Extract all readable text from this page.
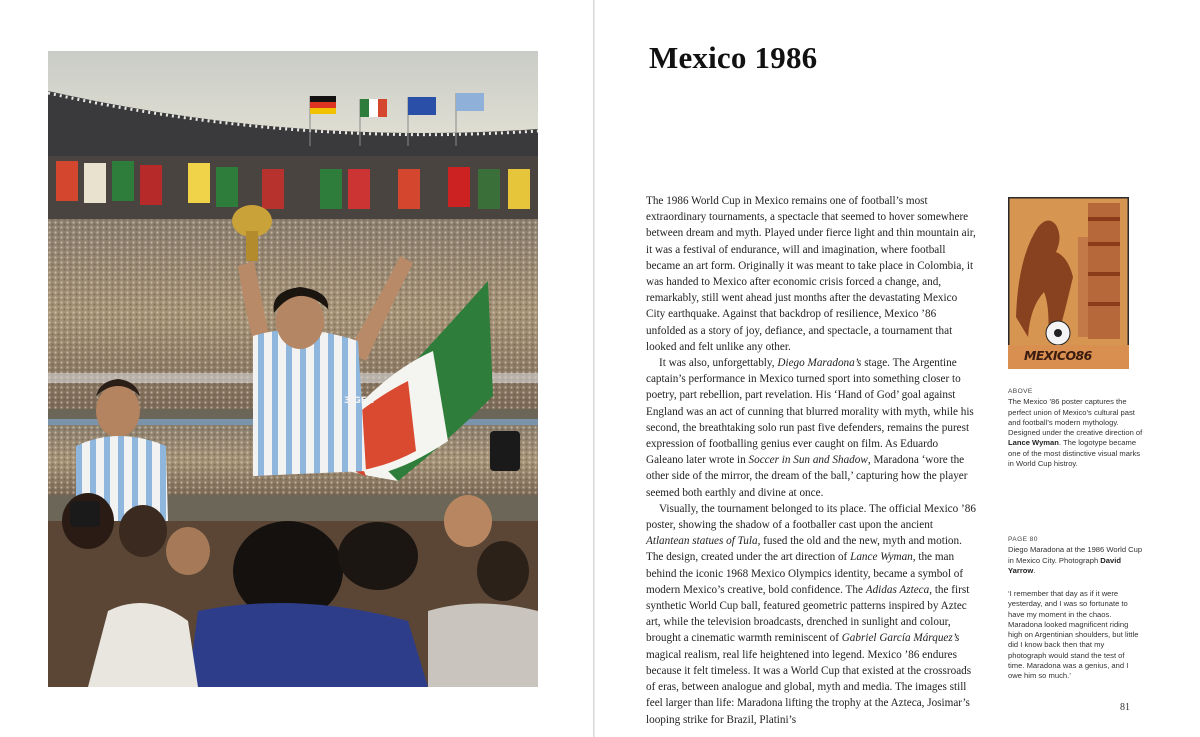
3 GFR
Mexico 1986

The 1986 World Cup in Mexico remains one of football’s most extraordinary tournaments, a spectacle that seemed to hover somewhere between dream and myth. Played under fierce light and thin mountain air, it was a festival of endurance, will and imagination, where football became an art form. Originally it was meant to take place in Colombia, it was handed to Mexico after economic crisis forced a change, and, remarkably, still went ahead just months after the devastating Mexico City earthquake. Against that backdrop of resilience, Mexico ’86 unfolded as a story of joy, defiance, and spectacle, a tournament that looked and felt unlike any other.

It was also, unforgettably, Diego Maradona’s stage. The Argentine captain’s performance in Mexico turned sport into something closer to poetry, part rebellion, part revelation. His ‘Hand of God’ goal against England was an act of cunning that blurred morality with myth, while his second, the breathtaking solo run past five defenders, remains the purest expression of footballing genius ever caught on film. As Eduardo Galeano later wrote in Soccer in Sun and Shadow, Maradona ‘wore the other side of the mirror, the dream of the ball,’ capturing how the player seemed both earthly and divine at once.

Visually, the tournament belonged to its place. The official Mexico ’86 poster, showing the shadow of a footballer cast upon the ancient Atlantean statues of Tula, fused the old and the new, myth and motion. The design, created under the art direction of Lance Wyman, the man behind the iconic 1968 Mexico Olympics identity, became a symbol of modern Mexico’s creative, bold confidence. The Adidas Azteca, the first synthetic World Cup ball, featured geometric patterns inspired by Aztec art, while the television broadcasts, drenched in sunlight and colour, brought a cinematic warmth reminiscent of Gabriel García Márquez’s magical realism, real life heightened into legend. Mexico ’86 endures because it felt timeless. It was a World Cup that existed at the crossroads of eras, between analogue and global, myth and media. The images still feel larger than life: Maradona lifting the trophy at the Azteca, Josimar’s looping strike for Brazil, Platini’s

MEXICO86
ABOVE
The Mexico ’86 poster captures the perfect union of Mexico’s cultural past and football’s modern mythology. Designed under the creative direction of Lance Wyman. The logotype became one of the most distinctive visual marks in World Cup histroy.
PAGE 80
Diego Maradona at the 1986 World Cup in Mexico City. Photograph David Yarrow.
‘I remember that day as if it were yesterday, and I was so fortunate to have my moment in the chaos. Maradona looked magnificent riding high on Argentinian shoulders, but little did I know back then that my photograph would stand the test of time. Maradona was a genius, and I owe him so much.’
81
